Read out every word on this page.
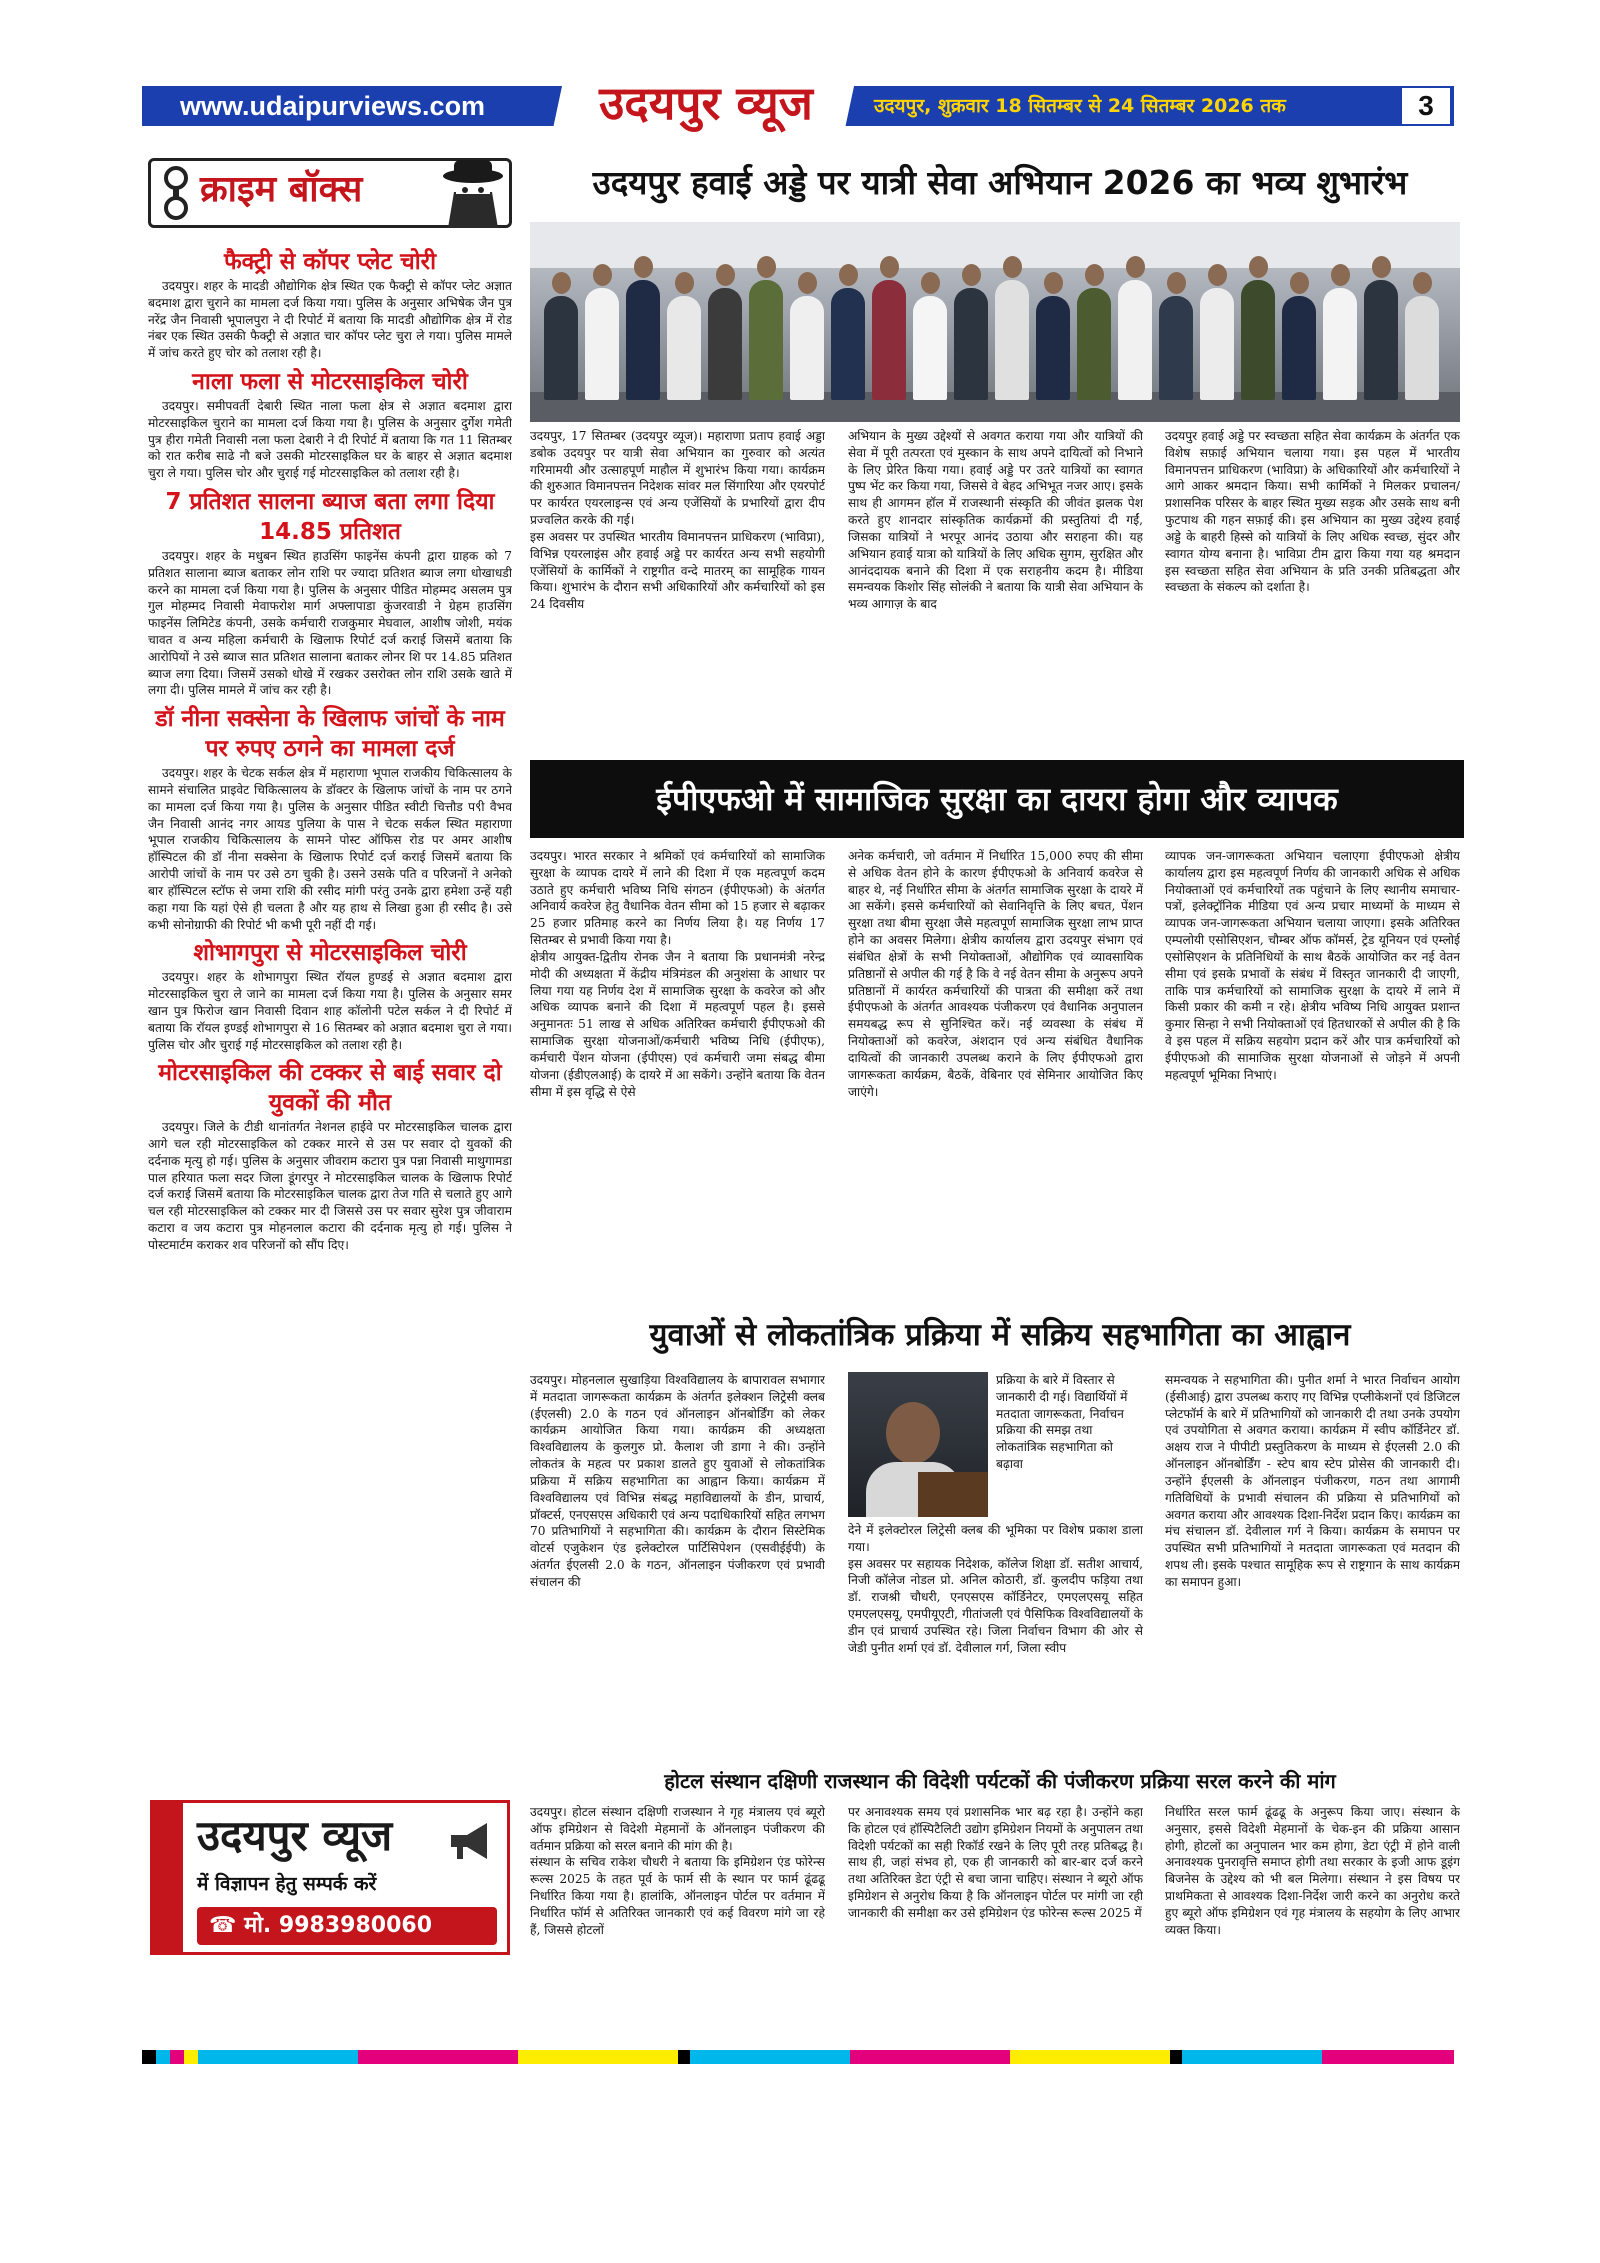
www.udaipurviews.com	उदयपुर व्यूज	उदयपुर, शुक्रवार 18 सितम्बर से 24 सितम्बर 2026 तक	3
क्राइम बॉक्स
फैक्ट्री से कॉपर प्लेट चोरी
उदयपुर। शहर के मादडी औद्योगिक क्षेत्र स्थित एक फैक्ट्री से कॉपर प्लेट अज्ञात बदमाश द्वारा चुराने का मामला दर्ज किया गया। पुलिस के अनुसार अभिषेक जैन पुत्र नरेंद्र जैन निवासी भूपालपुरा ने दी रिपोर्ट में बताया कि मादडी औद्योगिक क्षेत्र में रोड नंबर एक स्थित उसकी फैक्ट्री से अज्ञात चार कॉपर प्लेट चुरा ले गया। पुलिस मामले में जांच करते हुए चोर को तलाश रही है।
नाला फला से मोटरसाइकिल चोरी
उदयपुर। समीपवर्ती देबारी स्थित नाला फला क्षेत्र से अज्ञात बदमाश द्वारा मोटरसाइकिल चुराने का मामला दर्ज किया गया है। पुलिस के अनुसार दुर्गेश गमेती पुत्र हीरा गमेती निवासी नला फला देबारी ने दी रिपोर्ट में बताया कि गत 11 सितम्बर को रात करीब साढे नौ बजे उसकी मोटरसाइकिल घर के बाहर से अज्ञात बदमाश चुरा ले गया। पुलिस चोर और चुराई गई मोटरसाइकिल को तलाश रही है।
7 प्रतिशत सालना ब्याज बता लगा दिया 14.85 प्रतिशत
उदयपुर। शहर के मधुबन स्थित हाउसिंग फाइनेंस कंपनी द्वारा ग्राहक को 7 प्रतिशत सालाना ब्याज बताकर लोन राशि पर ज्यादा प्रतिशत ब्याज लगा धोखाधडी करने का मामला दर्ज किया गया है। पुलिस के अनुसार पीडित मोहम्मद असलम पुत्र गुल मोहम्मद निवासी मेवाफरोश मार्ग अफ्लापाडा कुंजरवाडी ने ग्रेहम हाउसिंग फाइनेंस लिमिटेड कंपनी, उसके कर्मचारी राजकुमार मेघवाल, आशीष जोशी, मयंक चावत व अन्य महिला कर्मचारी के खिलाफ रिपोर्ट दर्ज कराई जिसमें बताया कि आरोपियों ने उसे ब्याज सात प्रतिशत सालाना बताकर लोनर शि पर 14.85 प्रतिशत ब्याज लगा दिया। जिसमें उसको धोखे में रखकर उसरोक्त लोन राशि उसके खाते में लगा दी। पुलिस मामले में जांच कर रही है।
डॉ नीना सक्सेना के खिलाफ जांचों के नाम पर रुपए ठगने का मामला दर्ज
उदयपुर। शहर के चेटक सर्कल क्षेत्र में महाराणा भूपाल राजकीय चिकित्सालय के सामने संचालित प्राइवेट चिकित्सालय के डॉक्टर के खिलाफ जांचों के नाम पर ठगने का मामला दर्ज किया गया है। पुलिस के अनुसार पीडित स्वीटी चित्तौड प९ी वैभव जैन निवासी आनंद नगर आयड पुलिया के पास ने चेटक सर्कल स्थित महाराणा भूपाल राजकीय चिकित्सालय के सामने पोस्ट ऑफिस रोड पर अमर आशीष हॉस्पिटल की डॉ नीना सक्सेना के खिलाफ रिपोर्ट दर्ज कराई जिसमें बताया कि आरोपी जांचों के नाम पर उसे ठग चुकी है। उसने उसके पति व परिजनों ने अनेको बार हॉस्पिटल स्टॉफ से जमा राशि की रसीद मांगी परंतु उनके द्वारा हमेशा उन्हें यही कहा गया कि यहां ऐसे ही चलता है और यह हाथ से लिखा हुआ ही रसीद है। उसे कभी सोनोग्राफी की रिपोर्ट भी कभी पूरी नहीं दी गई।
शोभागपुरा से मोटरसाइकिल चोरी
उदयपुर। शहर के शोभागपुरा स्थित रॉयल हुण्डई से अज्ञात बदमाश द्वारा मोटरसाइकिल चुरा ले जाने का मामला दर्ज किया गया है। पुलिस के अनुसार समर खान पुत्र फिरोज खान निवासी दिवान शाह कॉलोनी पटेल सर्कल ने दी रिपोर्ट में बताया कि रॉयल इण्डई शोभागपुरा से 16 सितम्बर को अज्ञात बदमाश चुरा ले गया। पुलिस चोर और चुराई गई मोटरसाइकिल को तलाश रही है।
मोटरसाइकिल की टक्कर से बाई सवार दो युवकों की मौत
उदयपुर। जिले के टीडी थानांतर्गत नेशनल हाईवे पर मोटरसाइकिल चालक द्वारा आगे चल रही मोटरसाइकिल को टक्कर मारने से उस पर सवार दो युवकों की दर्दनाक मृत्यु हो गई। पुलिस के अनुसार जीवराम कटारा पुत्र पन्ना निवासी माथुगामडा पाल हरियात फला सदर जिला डूंगरपुर ने मोटरसाइकिल चालक के खिलाफ रिपोर्ट दर्ज कराई जिसमें बताया कि मोटरसाइकिल चालक द्वारा तेज गति से चलाते हुए आगे चल रही मोटरसाइकिल को टक्कर मार दी जिससे उस पर सवार सुरेश पुत्र जीवाराम कटारा व जय कटारा पुत्र मोहनलाल कटारा की दर्दनाक मृत्यु हो गई। पुलिस ने पोस्टमार्टम कराकर शव परिजनों को सौंप दिए।
उदयपुर व्यूज
में विज्ञापन हेतु सम्पर्क करें
☎ मो. 9983980060
उदयपुर हवाई अड्डे पर यात्री सेवा अभियान 2026 का भव्य शुभारंभ
उदयपुर, 17 सितम्बर (उदयपुर व्यूज)। महाराणा प्रताप हवाई अड्डा डबोक उदयपुर पर यात्री सेवा अभियान का गुरुवार को अत्यंत गरिमामयी और उत्साहपूर्ण माहौल में शुभारंभ किया गया। कार्यक्रम की शुरुआत विमानपत्तन निदेशक सांवर मल सिंगारिया और एयरपोर्ट पर कार्यरत एयरलाइन्स एवं अन्य एजेंसियों के प्रभारियों द्वारा दीप प्रज्वलित करके की गई।
इस अवसर पर उपस्थित भारतीय विमानपत्तन प्राधिकरण (भाविप्रा), विभिन्न एयरलाइंस और हवाई अड्डे पर कार्यरत अन्य सभी सहयोगी एजेंसियों के कार्मिकों ने राष्ट्रगीत वन्दे मातरम् का सामूहिक गायन किया। शुभारंभ के दौरान सभी अधिकारियों और कर्मचारियों को इस 24 दिवसीय
अभियान के मुख्य उद्देश्यों से अवगत कराया गया और यात्रियों की सेवा में पूरी तत्परता एवं मुस्कान के साथ अपने दायित्वों को निभाने के लिए प्रेरित किया गया। हवाई अड्डे पर उतरे यात्रियों का स्वागत पुष्प भेंट कर किया गया, जिससे वे बेहद अभिभूत नजर आए। इसके साथ ही आगमन हॉल में राजस्थानी संस्कृति की जीवंत झलक पेश करते हुए शानदार सांस्कृतिक कार्यक्रमों की प्रस्तुतियां दी गईं, जिसका यात्रियों ने भरपूर आनंद उठाया और सराहना की। यह अभियान हवाई यात्रा को यात्रियों के लिए अधिक सुगम, सुरक्षित और आनंददायक बनाने की दिशा में एक सराहनीय कदम है। मीडिया समन्वयक किशोर सिंह सोलंकी ने बताया कि यात्री सेवा अभियान के भव्य आगाज़ के बाद
उदयपुर हवाई अड्डे पर स्वच्छता सहित सेवा कार्यक्रम के अंतर्गत एक विशेष सफ़ाई अभियान चलाया गया। इस पहल में भारतीय विमानपत्तन प्राधिकरण (भाविप्रा) के अधिकारियों और कर्मचारियों ने आगे आकर श्रमदान किया। सभी कार्मिकों ने मिलकर प्रचालन/प्रशासनिक परिसर के बाहर स्थित मुख्य सड़क और उसके साथ बनी फुटपाथ की गहन सफ़ाई की। इस अभियान का मुख्य उद्देश्य हवाई अड्डे के बाहरी हिस्से को यात्रियों के लिए अधिक स्वच्छ, सुंदर और स्वागत योग्य बनाना है। भाविप्रा टीम द्वारा किया गया यह श्रमदान इस स्वच्छता सहित सेवा अभियान के प्रति उनकी प्रतिबद्धता और स्वच्छता के संकल्प को दर्शाता है।
ईपीएफओ में सामाजिक सुरक्षा का दायरा होगा और व्यापक
उदयपुर। भारत सरकार ने श्रमिकों एवं कर्मचारियों को सामाजिक सुरक्षा के व्यापक दायरे में लाने की दिशा में एक महत्वपूर्ण कदम उठाते हुए कर्मचारी भविष्य निधि संगठन (ईपीएफओ) के अंतर्गत अनिवार्य कवरेज हेतु वैधानिक वेतन सीमा को 15 हजार से बढ़ाकर 25 हजार प्रतिमाह करने का निर्णय लिया है। यह निर्णय 17 सितम्बर से प्रभावी किया गया है।
क्षेत्रीय आयुक्त-द्वितीय रोनक जैन ने बताया कि प्रधानमंत्री नरेन्द्र मोदी की अध्यक्षता में केंद्रीय मंत्रिमंडल की अनुशंसा के आधार पर लिया गया यह निर्णय देश में सामाजिक सुरक्षा के कवरेज को और अधिक व्यापक बनाने की दिशा में महत्वपूर्ण पहल है। इससे अनुमानतः 51 लाख से अधिक अतिरिक्त कर्मचारी ईपीएफओ की सामाजिक सुरक्षा योजनाओं/कर्मचारी भविष्य निधि (ईपीएफ), कर्मचारी पेंशन योजना (ईपीएस) एवं कर्मचारी जमा संबद्ध बीमा योजना (ईडीएलआई) के दायरे में आ सकेंगे। उन्होंने बताया कि वेतन सीमा में इस वृद्धि से ऐसे
अनेक कर्मचारी, जो वर्तमान में निर्धारित 15,000 रुपए की सीमा से अधिक वेतन होने के कारण ईपीएफओ के अनिवार्य कवरेज से बाहर थे, नई निर्धारित सीमा के अंतर्गत सामाजिक सुरक्षा के दायरे में आ सकेंगे। इससे कर्मचारियों को सेवानिवृत्ति के लिए बचत, पेंशन सुरक्षा तथा बीमा सुरक्षा जैसे महत्वपूर्ण सामाजिक सुरक्षा लाभ प्राप्त होने का अवसर मिलेगा। क्षेत्रीय कार्यालय द्वारा उदयपुर संभाग एवं संबंधित क्षेत्रों के सभी नियोक्ताओं, औद्योगिक एवं व्यावसायिक प्रतिष्ठानों से अपील की गई है कि वे नई वेतन सीमा के अनुरूप अपने प्रतिष्ठानों में कार्यरत कर्मचारियों की पात्रता की समीक्षा करें तथा ईपीएफओ के अंतर्गत आवश्यक पंजीकरण एवं वैधानिक अनुपालन समयबद्ध रूप से सुनिश्चित करें। नई व्यवस्था के संबंध में नियोक्ताओं को कवरेज, अंशदान एवं अन्य संबंधित वैधानिक दायित्वों की जानकारी उपलब्ध कराने के लिए ईपीएफओ द्वारा जागरूकता कार्यक्रम, बैठकें, वेबिनार एवं सेमिनार आयोजित किए जाएंगे।
व्यापक जन-जागरूकता अभियान चलाएगा ईपीएफओ क्षेत्रीय कार्यालय द्वारा इस महत्वपूर्ण निर्णय की जानकारी अधिक से अधिक नियोक्ताओं एवं कर्मचारियों तक पहुंचाने के लिए स्थानीय समाचार-पत्रों, इलेक्ट्रॉनिक मीडिया एवं अन्य प्रचार माध्यमों के माध्यम से व्यापक जन-जागरूकता अभियान चलाया जाएगा। इसके अतिरिक्त एम्पलोयी एसोसिएशन, चौम्बर ऑफ कॉमर्स, ट्रेड यूनियन एवं एम्लोई एसोसिएशन के प्रतिनिधियों के साथ बैठकें आयोजित कर नई वेतन सीमा एवं इसके प्रभावों के संबंध में विस्तृत जानकारी दी जाएगी, ताकि पात्र कर्मचारियों को सामाजिक सुरक्षा के दायरे में लाने में किसी प्रकार की कमी न रहे। क्षेत्रीय भविष्य निधि आयुक्त प्रशान्त कुमार सिन्हा ने सभी नियोक्ताओं एवं हितधारकों से अपील की है कि वे इस पहल में सक्रिय सहयोग प्रदान करें और पात्र कर्मचारियों को ईपीएफओ की सामाजिक सुरक्षा योजनाओं से जोड़ने में अपनी महत्वपूर्ण भूमिका निभाएं।
युवाओं से लोकतांत्रिक प्रक्रिया में सक्रिय सहभागिता का आह्वान
उदयपुर। मोहनलाल सुखाड़िया विश्वविद्यालय के बापारावल सभागार में मतदाता जागरूकता कार्यक्रम के अंतर्गत इलेक्शन लिट्रेसी क्लब (ईएलसी) 2.0 के गठन एवं ऑनलाइन ऑनबोर्डिंग को लेकर कार्यक्रम आयोजित किया गया। कार्यक्रम की अध्यक्षता विश्वविद्यालय के कुलगुरु प्रो. कैलाश जी डागा ने की। उन्होंने लोकतंत्र के महत्व पर प्रकाश डालते हुए युवाओं से लोकतांत्रिक प्रक्रिया में सक्रिय सहभागिता का आह्वान किया। कार्यक्रम में विश्वविद्यालय एवं विभिन्न संबद्ध महाविद्यालयों के डीन, प्राचार्य, प्रॉक्टर्स, एनएसएस अधिकारी एवं अन्य पदाधिकारियों सहित लगभग 70 प्रतिभागियों ने सहभागिता की। कार्यक्रम के दौरान सिस्टेमिक वोटर्स एजुकेशन एंड इलेक्टोरल पार्टिसिपेशन (एसवीईईपी) के अंतर्गत ईएलसी 2.0 के गठन, ऑनलाइन पंजीकरण एवं प्रभावी संचालन की
प्रक्रिया के बारे में विस्तार से जानकारी दी गई। विद्यार्थियों में मतदाता जागरूकता, निर्वाचन प्रक्रिया की समझ तथा लोकतांत्रिक सहभागिता को बढ़ावा
देने में इलेक्टोरल लिट्रेसी क्लब की भूमिका पर विशेष प्रकाश डाला गया।
इस अवसर पर सहायक निदेशक, कॉलेज शिक्षा डॉ. सतीश आचार्य, निजी कॉलेज नोडल प्रो. अनिल कोठारी, डॉ. कुलदीप फड़िया तथा डॉ. राजश्री चौधरी, एनएसएस कॉर्डिनेटर, एमएलएसयू सहित एमएलएसयू, एमपीयूएटी, गीतांजली एवं पैसिफिक विश्वविद्यालयों के डीन एवं प्राचार्य उपस्थित रहे। जिला निर्वाचन विभाग की ओर से जेडी पुनीत शर्मा एवं डॉ. देवीलाल गर्ग, जिला स्वीप
समन्वयक ने सहभागिता की। पुनीत शर्मा ने भारत निर्वाचन आयोग (ईसीआई) द्वारा उपलब्ध कराए गए विभिन्न एप्लीकेशनों एवं डिजिटल प्लेटफॉर्म के बारे में प्रतिभागियों को जानकारी दी तथा उनके उपयोग एवं उपयोगिता से अवगत कराया। कार्यक्रम में स्वीप कॉर्डिनेटर डॉ. अक्षय राज ने पीपीटी प्रस्तुतिकरण के माध्यम से ईएलसी 2.0 की ऑनलाइन ऑनबोर्डिंग - स्टेप बाय स्टेप प्रोसेस की जानकारी दी। उन्होंने ईएलसी के ऑनलाइन पंजीकरण, गठन तथा आगामी गतिविधियों के प्रभावी संचालन की प्रक्रिया से प्रतिभागियों को अवगत कराया और आवश्यक दिशा-निर्देश प्रदान किए। कार्यक्रम का मंच संचालन डॉ. देवीलाल गर्ग ने किया। कार्यक्रम के समापन पर उपस्थित सभी प्रतिभागियों ने मतदाता जागरूकता एवं मतदान की शपथ ली। इसके पश्चात सामूहिक रूप से राष्ट्रगान के साथ कार्यक्रम का समापन हुआ।
होटल संस्थान दक्षिणी राजस्थान की विदेशी पर्यटकों की पंजीकरण प्रक्रिया सरल करने की मांग
उदयपुर। होटल संस्थान दक्षिणी राजस्थान ने गृह मंत्रालय एवं ब्यूरो ऑफ इमिग्रेशन से विदेशी मेहमानों के ऑनलाइन पंजीकरण की वर्तमान प्रक्रिया को सरल बनाने की मांग की है।
संस्थान के सचिव राकेश चौधरी ने बताया कि इमिग्रेशन एंड फोरेन्स रूल्स 2025 के तहत पूर्व के फार्म सी के स्थान पर फार्म ढूंढढू निर्धारित किया गया है। हालांकि, ऑनलाइन पोर्टल पर वर्तमान में निर्धारित फॉर्म से अतिरिक्त जानकारी एवं कई विवरण मांगे जा रहे हैं, जिससे होटलों
पर अनावश्यक समय एवं प्रशासनिक भार बढ़ रहा है। उन्होंने कहा कि होटल एवं हॉस्पिटैलिटी उद्योग इमिग्रेशन नियमों के अनुपालन तथा विदेशी पर्यटकों का सही रिकॉर्ड रखने के लिए पूरी तरह प्रतिबद्ध है। साथ ही, जहां संभव हो, एक ही जानकारी को बार-बार दर्ज करने तथा अतिरिक्त डेटा एंट्री से बचा जाना चाहिए। संस्थान ने ब्यूरो ऑफ इमिग्रेशन से अनुरोध किया है कि ऑनलाइन पोर्टल पर मांगी जा रही जानकारी की समीक्षा कर उसे इमिग्रेशन एंड फोरेन्स रूल्स 2025 में
निर्धारित सरल फार्म ढूंढढू के अनुरूप किया जाए। संस्थान के अनुसार, इससे विदेशी मेहमानों के चेक-इन की प्रक्रिया आसान होगी, होटलों का अनुपालन भार कम होगा, डेटा एंट्री में होने वाली अनावश्यक पुनरावृत्ति समाप्त होगी तथा सरकार के इजी आफ डूइंग बिजनेस के उद्देश्य को भी बल मिलेगा। संस्थान ने इस विषय पर प्राथमिकता से आवश्यक दिशा-निर्देश जारी करने का अनुरोध करते हुए ब्यूरो ऑफ इमिग्रेशन एवं गृह मंत्रालय के सहयोग के लिए आभार व्यक्त किया।
